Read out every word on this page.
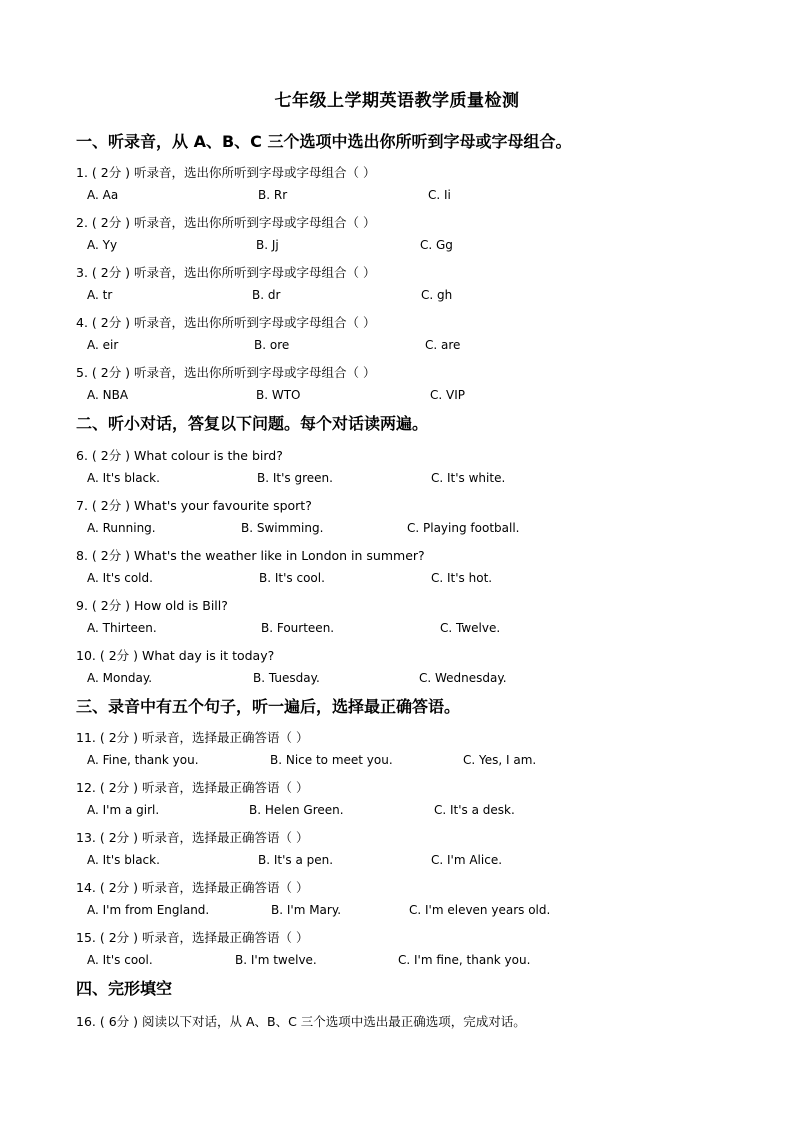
七年级上学期英语教学质量检测
一、听录音，从 A、B、C 三个选项中选出你所听到字母或字母组合。
1. ( 2分 ) 听录音，选出你所听到字母或字母组合（ ）
A. Aa	B. Rr	C. Ii
2. ( 2分 ) 听录音，选出你所听到字母或字母组合（ ）
A. Yy	B. Jj	C. Gg
3. ( 2分 ) 听录音，选出你所听到字母或字母组合（ ）
A. tr	B. dr	C. gh
4. ( 2分 ) 听录音，选出你所听到字母或字母组合（ ）
A. eir	B. ore	C. are
5. ( 2分 ) 听录音，选出你所听到字母或字母组合（ ）
A. NBA	B. WTO	C. VIP
二、听小对话，答复以下问题。每个对话读两遍。
6. ( 2分 ) What colour is the bird?
A. It's black.	B. It's green.	C. It's white.
7. ( 2分 ) What's your favourite sport?
A. Running.	B. Swimming.	C. Playing football.
8. ( 2分 ) What's the weather like in London in summer?
A. It's cold.	B. It's cool.	C. It's hot.
9. ( 2分 ) How old is Bill?
A. Thirteen.	B. Fourteen.	C. Twelve.
10. ( 2分 ) What day is it today?
A. Monday.	B. Tuesday.	C. Wednesday.
三、录音中有五个句子，听一遍后，选择最正确答语。
11. ( 2分 ) 听录音，选择最正确答语（ ）
A. Fine, thank you.	B. Nice to meet you.	C. Yes, I am.
12. ( 2分 ) 听录音，选择最正确答语（ ）
A. I'm a girl.	B. Helen Green.	C. It's a desk.
13. ( 2分 ) 听录音，选择最正确答语（ ）
A. It's black.	B. It's a pen.	C. I'm Alice.
14. ( 2分 ) 听录音，选择最正确答语（ ）
A. I'm from England.	B. I'm Mary.	C. I'm eleven years old.
15. ( 2分 ) 听录音，选择最正确答语（ ）
A. It's cool.	B. I'm twelve.	C. I'm fine, thank you.
四、完形填空
16. ( 6分 ) 阅读以下对话，从 A、B、C 三个选项中选出最正确选项，完成对话。
